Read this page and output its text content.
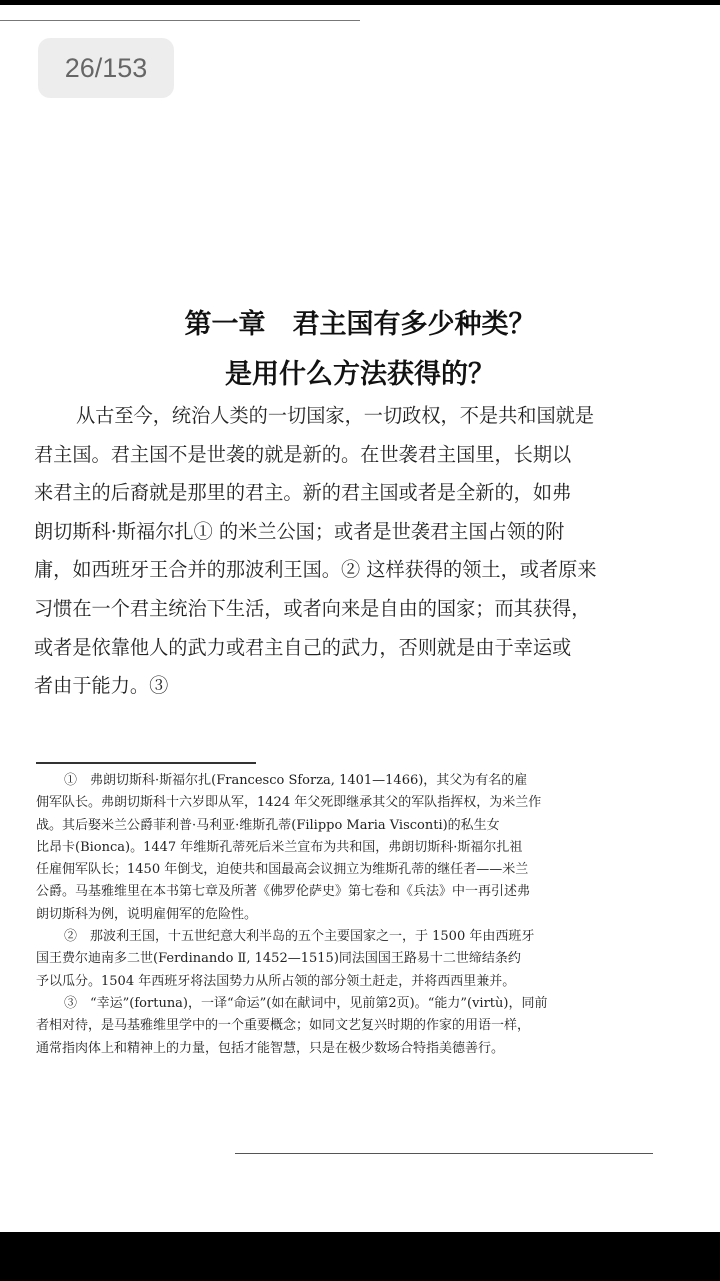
26/153
第一章　君主国有多少种类？
是用什么方法获得的？
从古至今，统治人类的一切国家，一切政权，不是共和国就是
君主国。君主国不是世袭的就是新的。在世袭君主国里，长期以
来君主的后裔就是那里的君主。新的君主国或者是全新的，如弗
朗切斯科·斯福尔扎① 的米兰公国；或者是世袭君主国占领的附
庸，如西班牙王合并的那波利王国。② 这样获得的领土，或者原来
习惯在一个君主统治下生活，或者向来是自由的国家；而其获得，
或者是依靠他人的武力或君主自己的武力，否则就是由于幸运或
者由于能力。③
①　弗朗切斯科·斯福尔扎(Francesco Sforza, 1401—1466)，其父为有名的雇
佣军队长。弗朗切斯科十六岁即从军，1424 年父死即继承其父的军队指挥权，为米兰作
战。其后娶米兰公爵菲利普·马利亚·维斯孔蒂(Filippo Maria Visconti)的私生女
比昂卡(Bionca)。1447 年维斯孔蒂死后米兰宣布为共和国，弗朗切斯科·斯福尔扎祖
任雇佣军队长；1450 年倒戈，迫使共和国最高会议拥立为维斯孔蒂的继任者——米兰
公爵。马基雅维里在本书第七章及所著《佛罗伦萨史》第七卷和《兵法》中一再引述弗
朗切斯科为例，说明雇佣军的危险性。
②　那波利王国，十五世纪意大利半岛的五个主要国家之一，于 1500 年由西班牙
国王费尔迪南多二世(Ferdinando Ⅱ, 1452—1515)同法国国王路易十二世缔结条约
予以瓜分。1504 年西班牙将法国势力从所占领的部分领土赶走，并将西西里兼并。
③　“幸运”(fortuna)，一译“命运”(如在献词中，见前第2页)。“能力”(virtù)，同前
者相对待，是马基雅维里学中的一个重要概念；如同文艺复兴时期的作家的用语一样，
通常指肉体上和精神上的力量，包括才能智慧，只是在极少数场合特指美德善行。
